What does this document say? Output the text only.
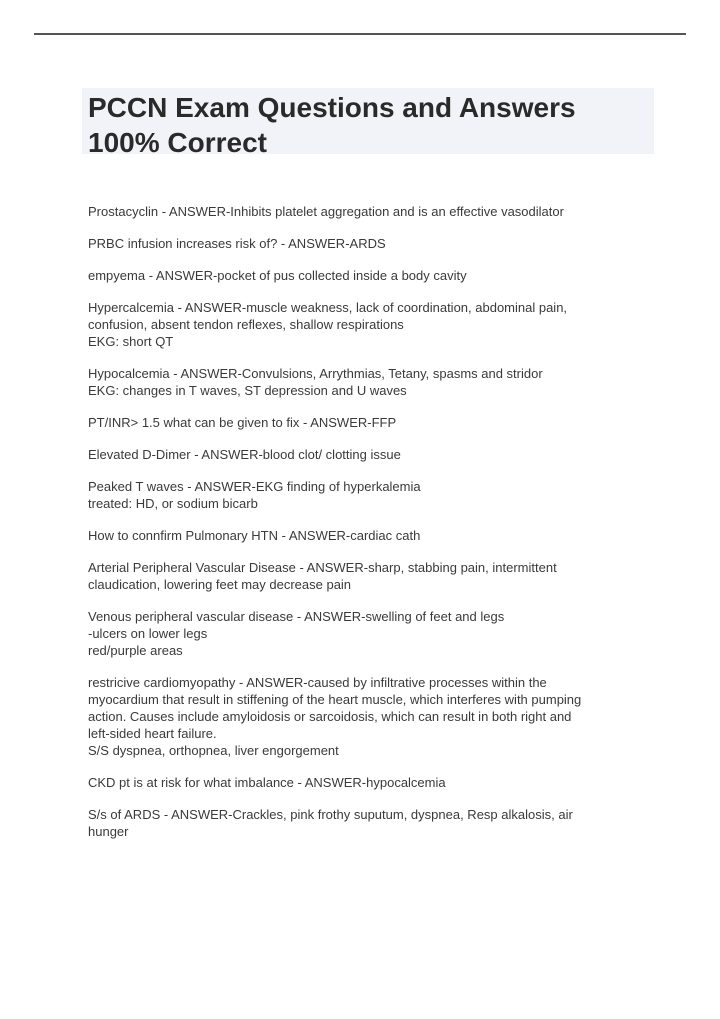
PCCN Exam Questions and Answers
100% Correct
Prostacyclin - ANSWER-Inhibits platelet aggregation and is an effective vasodilator
PRBC infusion increases risk of? - ANSWER-ARDS
empyema - ANSWER-pocket of pus collected inside a body cavity
Hypercalcemia - ANSWER-muscle weakness, lack of coordination, abdominal pain,
confusion, absent tendon reflexes, shallow respirations
EKG: short QT
Hypocalcemia - ANSWER-Convulsions, Arrythmias, Tetany, spasms and stridor
EKG: changes in T waves, ST depression and U waves
PT/INR> 1.5 what can be given to fix - ANSWER-FFP
Elevated D-Dimer - ANSWER-blood clot/ clotting issue
Peaked T waves - ANSWER-EKG finding of hyperkalemia
treated: HD, or sodium bicarb
How to connfirm Pulmonary HTN - ANSWER-cardiac cath
Arterial Peripheral Vascular Disease - ANSWER-sharp, stabbing pain, intermittent
claudication, lowering feet may decrease pain
Venous peripheral vascular disease - ANSWER-swelling of feet and legs
-ulcers on lower legs
red/purple areas
restricive cardiomyopathy - ANSWER-caused by infiltrative processes within the
myocardium that result in stiffening of the heart muscle, which interferes with pumping
action. Causes include amyloidosis or sarcoidosis, which can result in both right and
left-sided heart failure.
S/S dyspnea, orthopnea, liver engorgement
CKD pt is at risk for what imbalance - ANSWER-hypocalcemia
S/s of ARDS - ANSWER-Crackles, pink frothy suputum, dyspnea, Resp alkalosis, air
hunger
